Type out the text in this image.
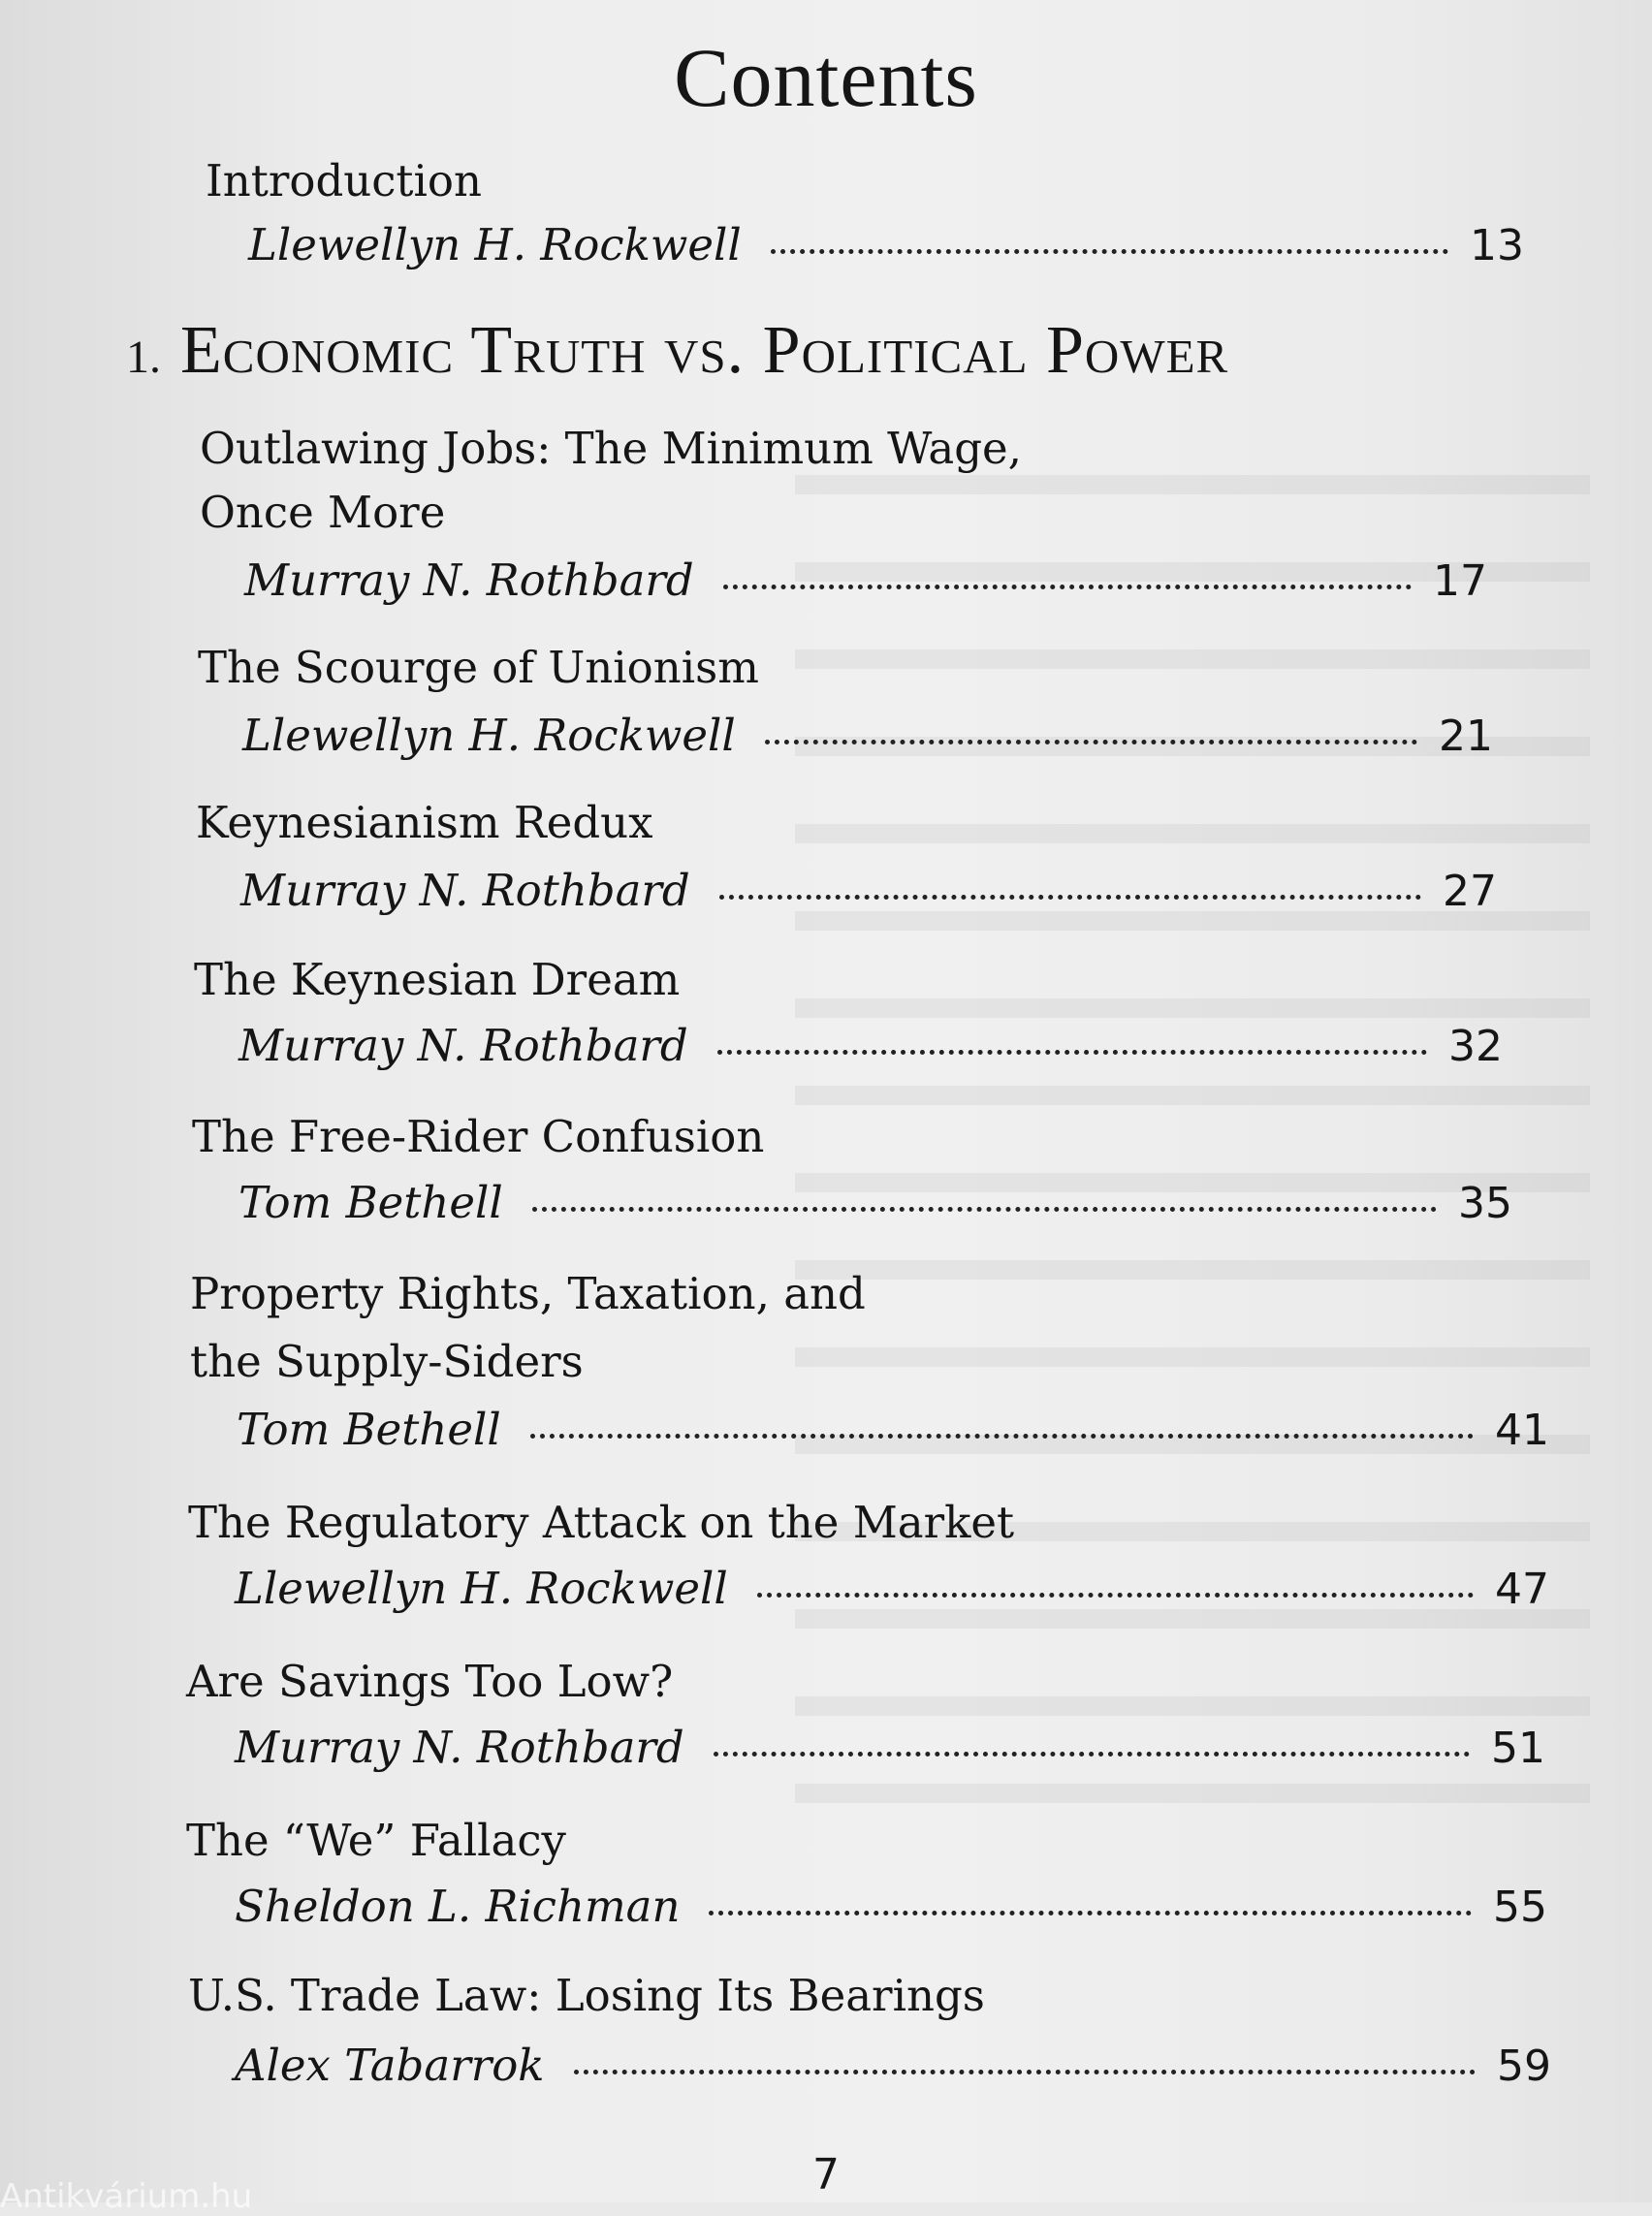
Contents
Introduction
Llewellyn H. Rockwell	13
1. Economic Truth vs. Political Power
Outlawing Jobs: The Minimum Wage,
Once More
Murray N. Rothbard	17
The Scourge of Unionism
Llewellyn H. Rockwell	21
Keynesianism Redux
Murray N. Rothbard	27
The Keynesian Dream
Murray N. Rothbard	32
The Free-Rider Confusion
Tom Bethell	35
Property Rights, Taxation, and
the Supply-Siders
Tom Bethell	41
The Regulatory Attack on the Market
Llewellyn H. Rockwell	47
Are Savings Too Low?
Murray N. Rothbard	51
The “We” Fallacy
Sheldon L. Richman	55
U.S. Trade Law: Losing Its Bearings
Alex Tabarrok	59
7
Antikvárium.hu
